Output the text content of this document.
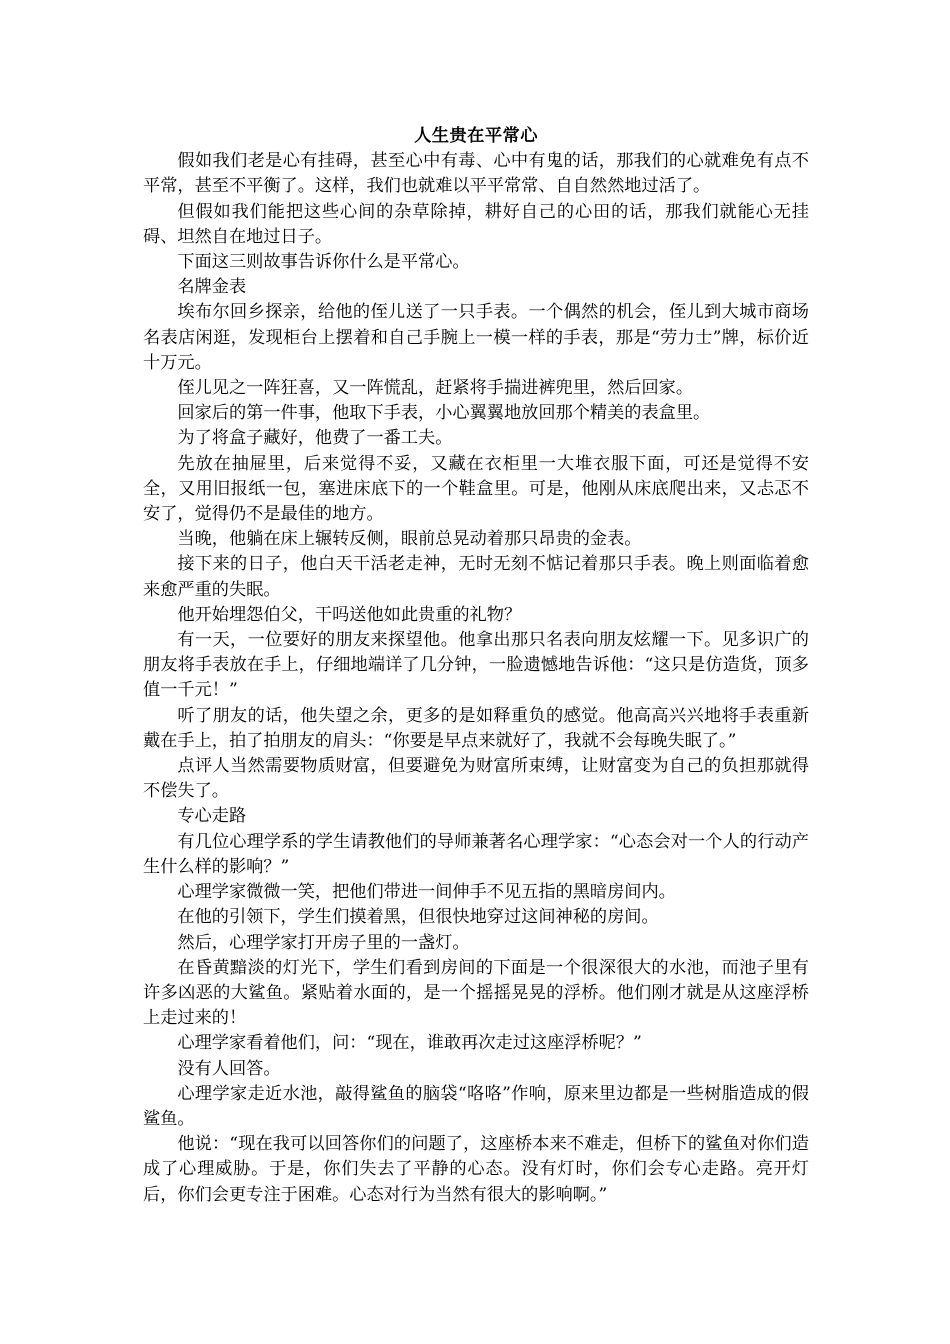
人生贵在平常心

假如我们老是心有挂碍，甚至心中有毒、心中有鬼的话，那我们的心就难免有点不平常，甚至不平衡了。这样，我们也就难以平平常常、自自然然地过活了。

但假如我们能把这些心间的杂草除掉，耕好自己的心田的话，那我们就能心无挂碍、坦然自在地过日子。

下面这三则故事告诉你什么是平常心。

名牌金表

埃布尔回乡探亲，给他的侄儿送了一只手表。一个偶然的机会，侄儿到大城市商场名表店闲逛，发现柜台上摆着和自己手腕上一模一样的手表，那是“劳力士”牌，标价近十万元。

侄儿见之一阵狂喜，又一阵慌乱，赶紧将手揣进裤兜里，然后回家。

回家后的第一件事，他取下手表，小心翼翼地放回那个精美的表盒里。

为了将盒子藏好，他费了一番工夫。

先放在抽屉里，后来觉得不妥，又藏在衣柜里一大堆衣服下面，可还是觉得不安全，又用旧报纸一包，塞进床底下的一个鞋盒里。可是，他刚从床底爬出来，又忐忑不安了，觉得仍不是最佳的地方。

当晚，他躺在床上辗转反侧，眼前总晃动着那只昂贵的金表。

接下来的日子，他白天干活老走神，无时无刻不惦记着那只手表。晚上则面临着愈来愈严重的失眠。

他开始埋怨伯父，干吗送他如此贵重的礼物？

有一天，一位要好的朋友来探望他。他拿出那只名表向朋友炫耀一下。见多识广的朋友将手表放在手上，仔细地端详了几分钟，一脸遗憾地告诉他：“这只是仿造货，顶多值一千元！”

听了朋友的话，他失望之余，更多的是如释重负的感觉。他高高兴兴地将手表重新戴在手上，拍了拍朋友的肩头：“你要是早点来就好了，我就不会每晚失眠了。”

点评人当然需要物质财富，但要避免为财富所束缚，让财富变为自己的负担那就得不偿失了。

专心走路

有几位心理学系的学生请教他们的导师兼著名心理学家：“心态会对一个人的行动产生什么样的影响？”

心理学家微微一笑，把他们带进一间伸手不见五指的黑暗房间内。

在他的引领下，学生们摸着黑，但很快地穿过这间神秘的房间。

然后，心理学家打开房子里的一盏灯。

在昏黄黯淡的灯光下，学生们看到房间的下面是一个很深很大的水池，而池子里有许多凶恶的大鲨鱼。紧贴着水面的，是一个摇摇晃晃的浮桥。他们刚才就是从这座浮桥上走过来的！

心理学家看着他们，问：“现在，谁敢再次走过这座浮桥呢？”

没有人回答。

心理学家走近水池，敲得鲨鱼的脑袋“咯咯”作响，原来里边都是一些树脂造成的假鲨鱼。

他说：“现在我可以回答你们的问题了，这座桥本来不难走，但桥下的鲨鱼对你们造成了心理威胁。于是，你们失去了平静的心态。没有灯时，你们会专心走路。亮开灯后，你们会更专注于困难。心态对行为当然有很大的影响啊。”
